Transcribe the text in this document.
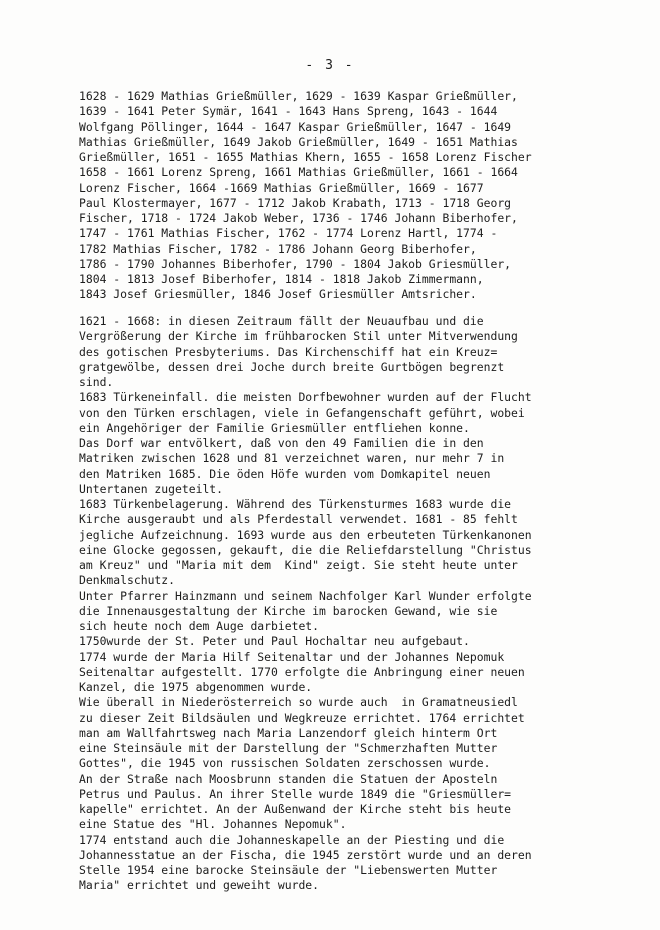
- 3 -
1628 - 1629 Mathias Grießmüller, 1629 - 1639 Kaspar Grießmüller,
1639 - 1641 Peter Symär, 1641 - 1643 Hans Spreng, 1643 - 1644
Wolfgang Pöllinger, 1644 - 1647 Kaspar Grießmüller, 1647 - 1649
Mathias Grießmüller, 1649 Jakob Grießmüller, 1649 - 1651 Mathias
Grießmüller, 1651 - 1655 Mathias Khern, 1655 - 1658 Lorenz Fischer
1658 - 1661 Lorenz Spreng, 1661 Mathias Grießmüller, 1661 - 1664
Lorenz Fischer, 1664 -1669 Mathias Grießmüller, 1669 - 1677
Paul Klostermayer, 1677 - 1712 Jakob Krabath, 1713 - 1718 Georg
Fischer, 1718 - 1724 Jakob Weber, 1736 - 1746 Johann Biberhofer,
1747 - 1761 Mathias Fischer, 1762 - 1774 Lorenz Hartl, 1774 -
1782 Mathias Fischer, 1782 - 1786 Johann Georg Biberhofer,
1786 - 1790 Johannes Biberhofer, 1790 - 1804 Jakob Griesmüller,
1804 - 1813 Josef Biberhofer, 1814 - 1818 Jakob Zimmermann,
1843 Josef Griesmüller, 1846 Josef Griesmüller Amtsricher.
1621 - 1668: in diesen Zeitraum fällt der Neuaufbau und die
Vergrößerung der Kirche im frühbarocken Stil unter Mitverwendung
des gotischen Presbyteriums. Das Kirchenschiff hat ein Kreuz=
gratgewölbe, dessen drei Joche durch breite Gurtbögen begrenzt
sind.
1683 Türkeneinfall. die meisten Dorfbewohner wurden auf der Flucht
von den Türken erschlagen, viele in Gefangenschaft geführt, wobei
ein Angehöriger der Familie Griesmüller entfliehen konne.
Das Dorf war entvölkert, daß von den 49 Familien die in den
Matriken zwischen 1628 und 81 verzeichnet waren, nur mehr 7 in
den Matriken 1685. Die öden Höfe wurden vom Domkapitel neuen
Untertanen zugeteilt.
1683 Türkenbelagerung. Während des Türkensturmes 1683 wurde die
Kirche ausgeraubt und als Pferdestall verwendet. 1681 - 85 fehlt
jegliche Aufzeichnung. 1693 wurde aus den erbeuteten Türkenkanonen
eine Glocke gegossen, gekauft, die die Reliefdarstellung "Christus
am Kreuz" und "Maria mit dem  Kind" zeigt. Sie steht heute unter
Denkmalschutz.
Unter Pfarrer Hainzmann und seinem Nachfolger Karl Wunder erfolgte
die Innenausgestaltung der Kirche im barocken Gewand, wie sie
sich heute noch dem Auge darbietet.
1750wurde der St. Peter und Paul Hochaltar neu aufgebaut.
1774 wurde der Maria Hilf Seitenaltar und der Johannes Nepomuk
Seitenaltar aufgestellt. 1770 erfolgte die Anbringung einer neuen
Kanzel, die 1975 abgenommen wurde.
Wie überall in Niederösterreich so wurde auch  in Gramatneusiedl
zu dieser Zeit Bildsäulen und Wegkreuze errichtet. 1764 errichtet
man am Wallfahrtsweg nach Maria Lanzendorf gleich hinterm Ort
eine Steinsäule mit der Darstellung der "Schmerzhaften Mutter
Gottes", die 1945 von russischen Soldaten zerschossen wurde.
An der Straße nach Moosbrunn standen die Statuen der Aposteln
Petrus und Paulus. An ihrer Stelle wurde 1849 die "Griesmüller=
kapelle" errichtet. An der Außenwand der Kirche steht bis heute
eine Statue des "Hl. Johannes Nepomuk".
1774 entstand auch die Johanneskapelle an der Piesting und die
Johannesstatue an der Fischa, die 1945 zerstört wurde und an deren
Stelle 1954 eine barocke Steinsäule der "Liebenswerten Mutter
Maria" errichtet und geweiht wurde.
